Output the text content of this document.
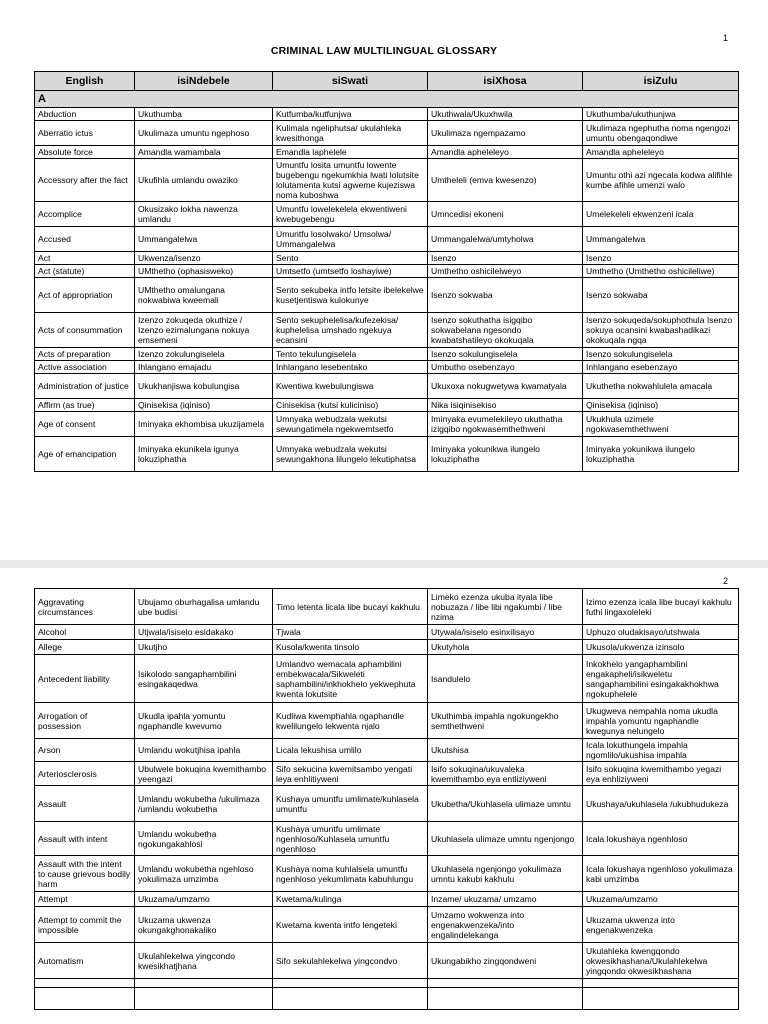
1
CRIMINAL LAW MULTILINGUAL GLOSSARY
English	isiNdebele	siSwati	isiXhosa	isiZulu
A				
Abduction	Ukuthumba	Kutfumba/kutfunjwa	Ukuthwala/Ukuxhwila	Ukuthumba/ukuthunjwa
Aberratio ictus	Ukulimaza umuntu ngephoso	Kulimala ngeliphutsa/ ukulahleka kwesithonga	Ukulimaza ngempazamo	Ukulimaza ngephutha noma ngengozi umuntu obengaqondiwe
Absolute force	Amandla wamambala	Emandla laphelele	Amandla apheleleyo	Amandla apheleleyo
Accessory after the fact	Ukufihla umlandu owaziko	Umuntfu losita umuntfu lowente bugebengu ngekumkhia lwati lolutsite lolutamenta kutsi agweme kujeziswa noma kuboshwa	Umtheleli (emva kwesenzo)	Umuntu othi azi ngecala kodwa alifihle kumbe afihle umenzi walo
Accomplice	Okusizako lokha nawenza umlandu	Umuntfu lowelekelela ekwentiweni kwebugebengu	Umncedisi ekoneni	Umelekeleli ekwenzeni icala
Accused	Ummangalelwa	Umuntfu losolwako/ Umsolwa/ Ummangalelwa	Ummangalelwa/umtyholwa	Ummangalelwa
Act	Ukwenza/isenzo	Sento	Isenzo	Isenzo
Act (statute)	UMthetho (ophasisweko)	Umtsetfo (umtsetfo loshayiwe)	Umthetho oshicilelweyo	Umthetho (Umthetho oshicileliwe)
Act of appropriation	UMthetho omalungana nokwabiwa kweemali	Sento sekubeka intfo letsite ibelekelwe kusetjentiswa kulokunye	Isenzo sokwaba	Isenzo sokwaba
Acts of consummation	Izenzo zokuqeda okuthize / Izenzo ezimalungana nokuya emsemeni	Sento sekuphelelisa/kufezekisa/ kuphelelisa umshado ngekuya ecansini	Isenzo sokuthatha isigqibo sokwabelana ngesondo kwabatshatileyo okokuqala	Isenzo sokuqeda/sokuphothula Isenzo sokuya ocansini kwabashadikazi okokuqala ngqa
Acts of preparation	Izenzo zokulungiselela	Tento tekulungiselela	Isenzo sokulungiselela	Isenzo sokulungiselela
Active association	Ihlangano emajadu	Inhlangano lesebentako	Umbutho osebenzayo	Inhlangano esebenzayo
Administration of justice	Ukukhanjiswa kobulungisa	Kwentiwa kwebulungiswa	Ukuxoxa nokugwetywa kwamatyala	Ukuthetha nokwahlulela amacala
Affirm (as true)	Qinisekisa (iqiniso)	Cinisekisa (kutsi kuliciniso)	Nika isiqinisekiso	Qinisekisa (iqiniso)
Age of consent	Iminyaka ekhombisa ukuzijamela	Umnyaka webudzala wekutsi sewungatimela ngekwemtsetfo	Iminyaka evumelekileyo ukuthatha izigqibo ngokwasemthethweni	Ukukhula uzimele ngokwasemthethweni
Age of emancipation	Iminyaka ekunikela igunya lokuziphatha	Umnyaka webudzala wekutsi sewungakhona lilungelo lekutiphatsa	Iminyaka yokunikwa ilungelo lokuziphatha	Iminyaka yokunikwa ilungelo lokuziphatha
2
Aggravating circumstances	Ubujamo oburhagalisa umlandu ube budisi	Timo letenta licala libe bucayi kakhulu	Limeko ezenza ukuba ityala libe nobuzaza / libe libi ngakumbi / libe nzima	Izimo ezenza icala libe bucayi kakhulu futhi lingaxoleleki
Alcohol	Utjwala/isiselo esidakako	Tjwala	Utywala/isiselo esinxilisayo	Uphuzo oludakisayo/utshwala
Allege	Ukutjho	Kusola/kwenta tinsolo	Ukutyhola	Ukusola/ukwenza izinsolo
Antecedent liability	Isikolodo sangaphambilini esingakaqedwa	Umlandvo wemacala aphambilini embekwacala/Sikweleti saphambilini/inkhokhelo yekwephuta kwenta lokutsite	Isandulelo	Inkokhelo yangaphambilini engakapheli/isikweletu sangaphambilini esingakakhokhwa ngokuphelele
Arrogation of possession	Ukudla ipahla yomuntu ngaphandle kwevumo	Kudliwa kwemphahla ngaphandle kwelilungelo lekwenta njalo	Ukuthimba impahla ngokungekho semthethweni	Ukugweva nempahla noma ukudla impahla yomuntu ngaphandle kwegunya nelungelo
Arson	Umlandu wokutjhisa ipahla	Licala lekushisa umlilo	Ukutshisa	Icala lokuthungela impahla ngomlilo/ukushisa impahla
Arteriosclerosis	Ubulwele bokuqina kwemithambo yeengazi	Sifo sekucina kwemitsambo yengati leya enhlitiyweni	Isifo sokuqina/ukuvaleka kwemithambo eya entliziyweni	Isifo sokuqina kwemithambo yegazi eya enhliziyweni
Assault	Umlandu wokubetha /ukulimaza /umlandu wokubetha	Kushaya umuntfu umlimate/kuhlasela umuntfu	Ukubetha/Ukuhlasela ulimaze umntu	Ukushaya/ukuhlasela /ukubhudukeza
Assault with intent	Umlandu wokubetha ngokungakahlosi	Kushaya umuntfu umlimate ngenhloso/Kuhlasela umuntfu ngenhloso	Ukuhlasela ulimaze umntu ngenjongo	Icala lokushaya ngenhloso
Assault with the intent to cause grievous bodily harm	Umlandu wokubetha ngehloso yokulimaza umzimba	Kushaya noma kuhlalsela umuntfu ngenhloso yekumlimata kabuhlungu	Ukuhlasela ngenjongo yokulimaza umntu kakubi kakhulu	Icala lokushaya ngenhloso yokulimaza kabi umzimba
Attempt	Ukuzama/umzamo	Kwetama/kulinga	Inzame/ ukuzama/ umzamo	Ukuzama/umzamo
Attempt to commit the impossible	Ukuzama ukwenza okungakghonakaliko	Kwetama kwenta intfo lengeteki	Umzamo wokwenza into engenakwenzeka/into engalindelekanga	Ukuzama ukwenza into engenakwenzeka
Automatism	Ukulahlekelwa yingcondo kwesikhatjhana	Sifo sekulahlekelwa yingcondvo	Ukungabikho zingqondweni	Ukulahleka kwengqondo okwesikhashana/Ukulahlekelwa yingqondo okwesikhashana
